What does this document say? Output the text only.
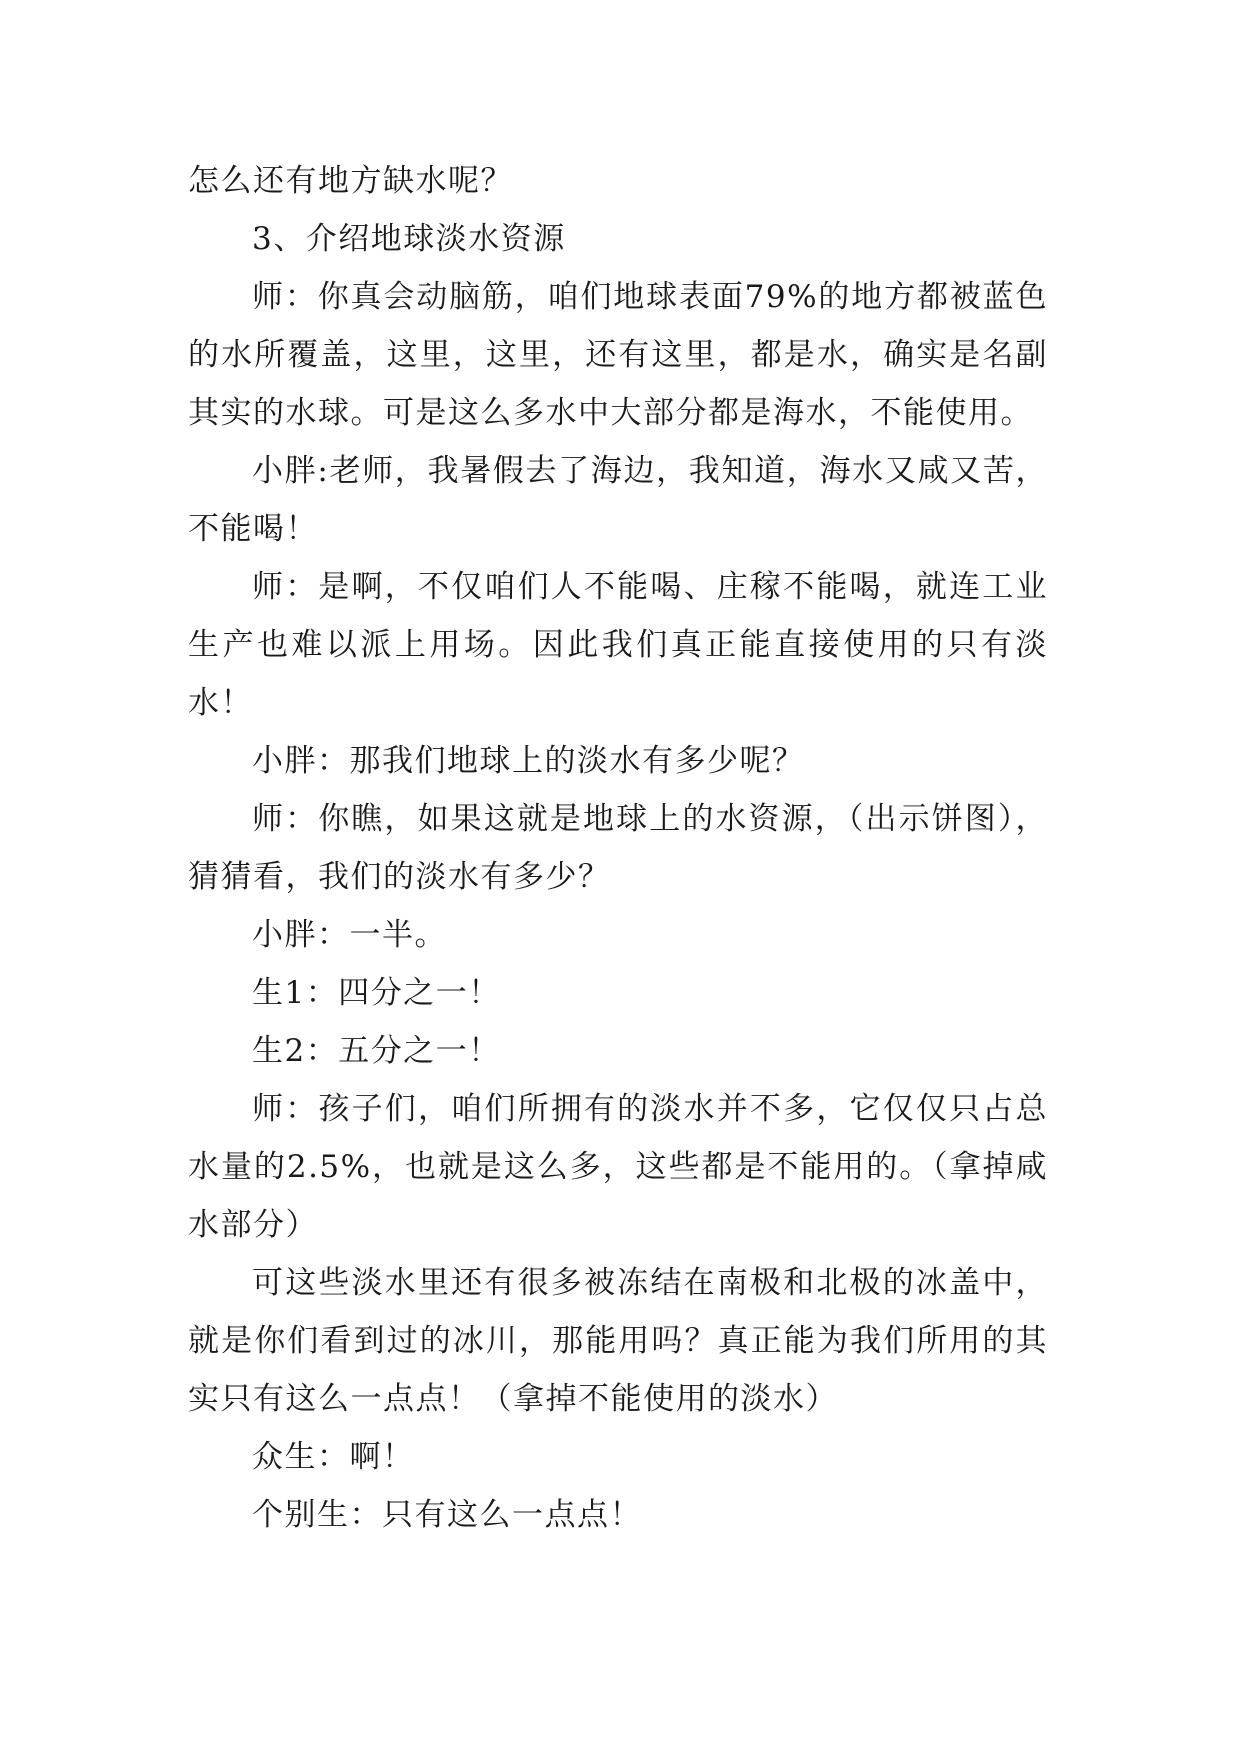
怎么还有地方缺水呢？

3、介绍地球淡水资源

师：你真会动脑筋，咱们地球表面79%的地方都被蓝色的水所覆盖，这里，这里，还有这里，都是水，确实是名副其实的水球。可是这么多水中大部分都是海水，不能使用。

小胖:老师，我暑假去了海边，我知道，海水又咸又苦，不能喝！

师：是啊，不仅咱们人不能喝、庄稼不能喝，就连工业生产也难以派上用场。因此我们真正能直接使用的只有淡水！

小胖：那我们地球上的淡水有多少呢？

师：你瞧，如果这就是地球上的水资源，（出示饼图），猜猜看，我们的淡水有多少？

小胖：一半。

生1：四分之一！

生2：五分之一！

师：孩子们，咱们所拥有的淡水并不多，它仅仅只占总水量的2.5%，也就是这么多，这些都是不能用的。（拿掉咸水部分）

可这些淡水里还有很多被冻结在南极和北极的冰盖中，就是你们看到过的冰川，那能用吗？真正能为我们所用的其实只有这么一点点！（拿掉不能使用的淡水）

众生：啊！

个别生：只有这么一点点！
